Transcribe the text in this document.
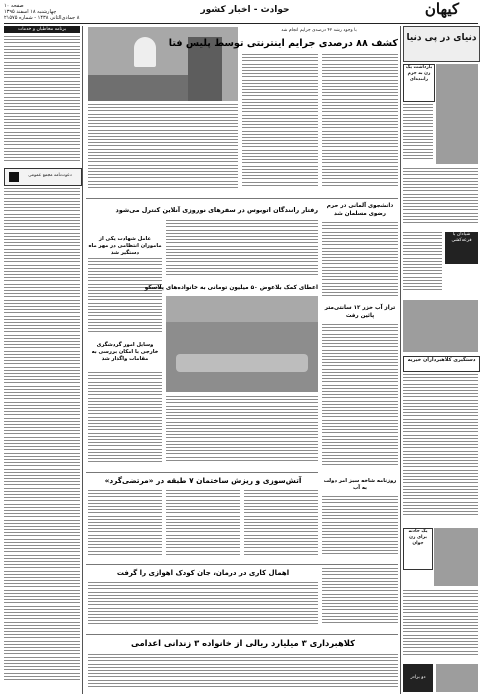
صفحه ۱۰
چهارشنبه ۱۸ اسفند ۱۳۹۵
۸ جمادی‌الثانی ۱۴۳۸ - شماره ۲۱۵۷۵
حوادث - اخبار کشور	کیهان
برنامه مخاطبان و خدمات
دعوت‌نامه مجمع عمومی
دنیای در پی دنیا
بازداشت یک زن به جرم راننده‌ای
شیادان با قرعه‌کشی
دستگیری کلاهبرداران خیریه
یک حادثه برای زن جوان
دو برادر
با وجود رشد ۴۲ درصدی جرایم انجام شد
کشف ۸۸ درصدی جرایم اینترنتی توسط پلیس فتا
دانشجوی آلمانی در حرم رضوی مسلمان شد
رفتار رانندگان اتوبوس در سفرهای نوروزی آنلاین کنترل می‌شود
عامل شهادت یکی از ماموران انتظامی در مهر ماه دستگیر شد
اعطای کمک بلاعوض ۵۰ میلیون تومانی به خانواده‌های پلاسکو
تراز آب خزر ۱۲ سانتی‌متر پائین رفت
وسایل امور گردشگری خارجی با امکان بررسی به مقامات واگذار شد
آتش‌سوزی و ریزش ساختمان ۷ طبقه در «مرتضی‌گرد»	روزنامه شاخه سبز امر دولت به آب
اهمال کاری در درمان، جان کودک اهوازی را گرفت
کلاهبرداری ۳ میلیارد ریالی از خانواده ۳ زندانی اعدامی
